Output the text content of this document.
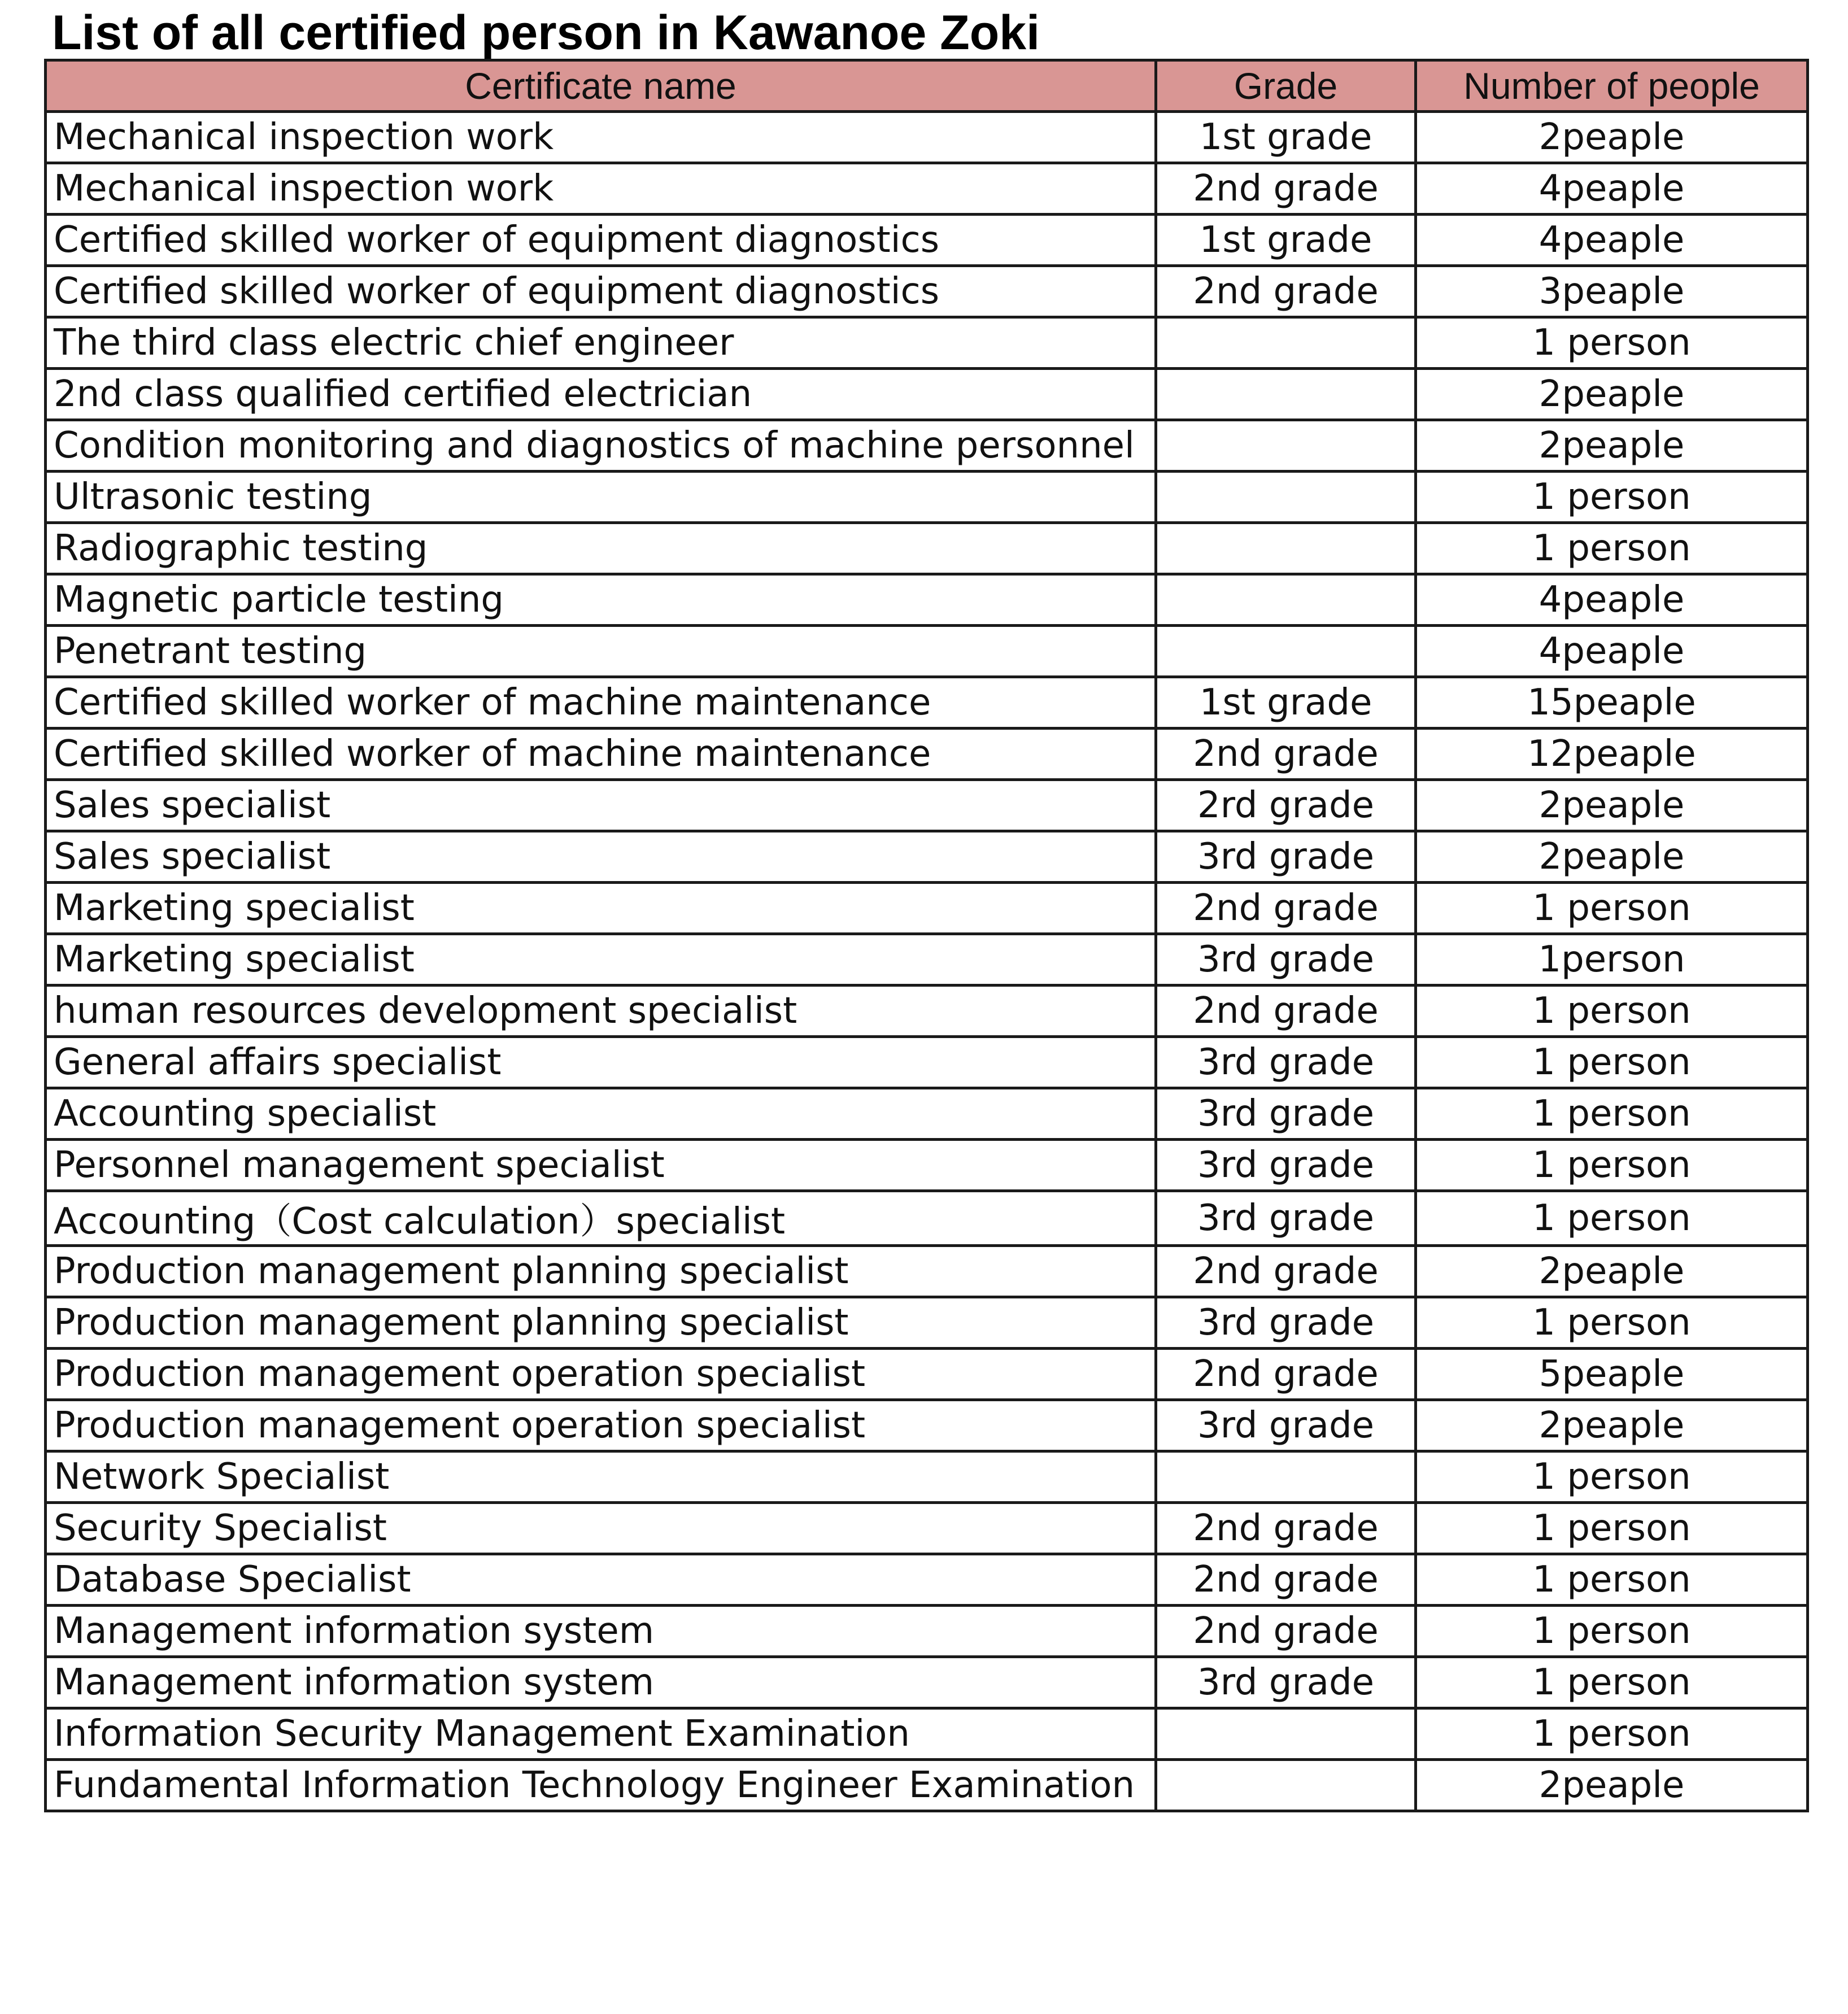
List of all certified person in Kawanoe Zoki
Certificate name	Grade	Number of people
Mechanical inspection work	1st grade	2peaple
Mechanical inspection work	2nd grade	4peaple
Certified skilled worker of equipment diagnostics	1st grade	4peaple
Certified skilled worker of equipment diagnostics	2nd grade	3peaple
The third class electric chief engineer		1 person
2nd class qualified certified electrician		2peaple
Condition monitoring and diagnostics of machine personnel		2peaple
Ultrasonic testing		1 person
Radiographic testing		1 person
Magnetic particle testing		4peaple
Penetrant testing		4peaple
Certified skilled worker of machine maintenance	1st grade	15peaple
Certified skilled worker of machine maintenance	2nd grade	12peaple
Sales specialist	2rd grade	2peaple
Sales specialist	3rd grade	2peaple
Marketing specialist	2nd grade	1 person
Marketing specialist	3rd grade	1person
human resources development specialist	2nd grade	1 person
General affairs specialist	3rd grade	1 person
Accounting specialist	3rd grade	1 person
Personnel management specialist	3rd grade	1 person
Accounting（Cost calculation）specialist	3rd grade	1 person
Production management planning specialist	2nd grade	2peaple
Production management planning specialist	3rd grade	1 person
Production management operation specialist	2nd grade	5peaple
Production management operation specialist	3rd grade	2peaple
Network Specialist		1 person
Security Specialist	2nd grade	1 person
Database Specialist	2nd grade	1 person
Management information system	2nd grade	1 person
Management information system	3rd grade	1 person
Information Security Management Examination		1 person
Fundamental Information Technology Engineer Examination		2peaple
